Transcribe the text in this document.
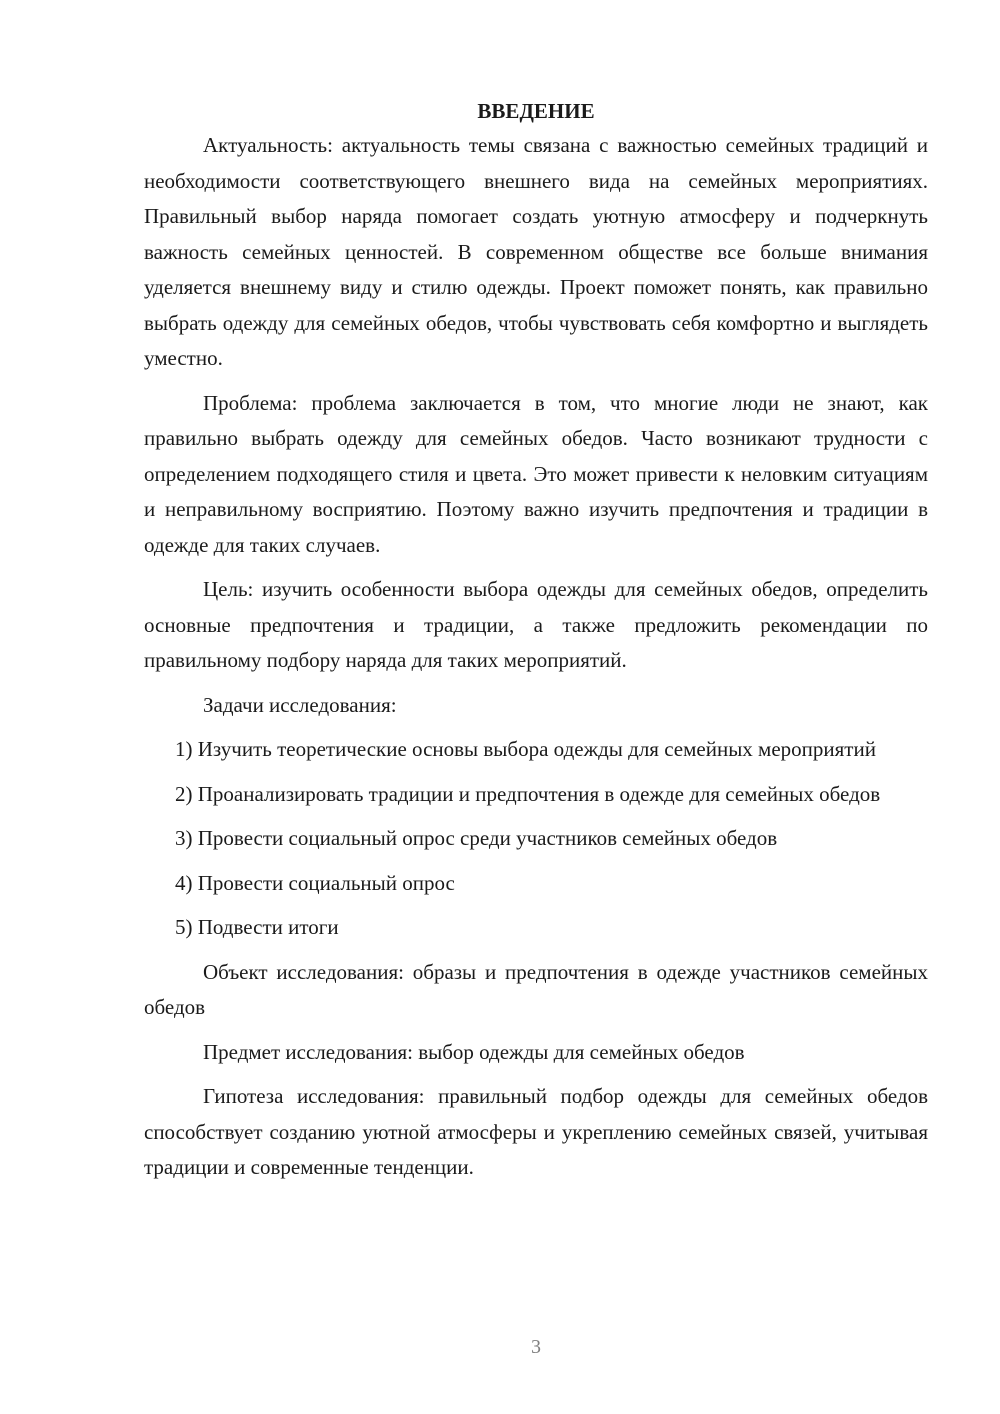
ВВЕДЕНИЕ

Актуальность: актуальность темы связана с важностью семейных традиций и необходимости соответствующего внешнего вида на семейных мероприятиях. Правильный выбор наряда помогает создать уютную атмосферу и подчеркнуть важность семейных ценностей. В современном обществе все больше внимания уделяется внешнему виду и стилю одежды. Проект поможет понять, как правильно выбрать одежду для семейных обедов, чтобы чувствовать себя комфортно и выглядеть уместно.

Проблема: проблема заключается в том, что многие люди не знают, как правильно выбрать одежду для семейных обедов. Часто возникают трудности с определением подходящего стиля и цвета. Это может привести к неловким ситуациям и неправильному восприятию. Поэтому важно изучить предпочтения и традиции в одежде для таких случаев.

Цель: изучить особенности выбора одежды для семейных обедов, определить основные предпочтения и традиции, а также предложить рекомендации по правильному подбору наряда для таких мероприятий.

Задачи исследования:

1) Изучить теоретические основы выбора одежды для семейных мероприятий

2) Проанализировать традиции и предпочтения в одежде для семейных обедов

3) Провести социальный опрос среди участников семейных обедов

4) Провести социальный опрос

5) Подвести итоги

Объект исследования: образы и предпочтения в одежде участников семейных обедов

Предмет исследования: выбор одежды для семейных обедов

Гипотеза исследования: правильный подбор одежды для семейных обедов способствует созданию уютной атмосферы и укреплению семейных связей, учитывая традиции и современные тенденции.

3
